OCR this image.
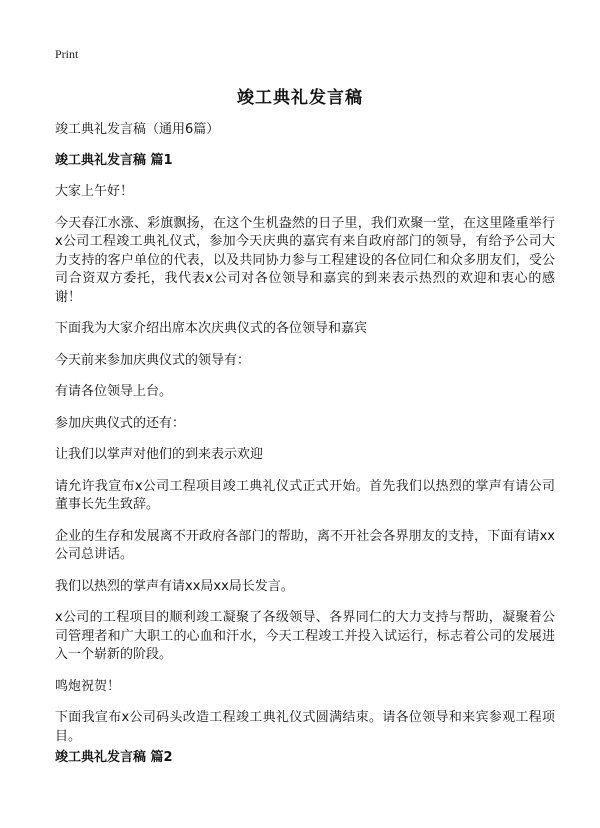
Print
竣工典礼发言稿
竣工典礼发言稿（通用6篇）
竣工典礼发言稿 篇1

大家上午好！

今天春江水涨、彩旗飘扬，在这个生机盎然的日子里，我们欢聚一堂，在这里隆重举行x公司工程竣工典礼仪式，参加今天庆典的嘉宾有来自政府部门的领导，有给予公司大力支持的客户单位的代表，以及共同协力参与工程建设的各位同仁和众多朋友们，受公司合资双方委托，我代表x公司对各位领导和嘉宾的到来表示热烈的欢迎和衷心的感谢！

下面我为大家介绍出席本次庆典仪式的各位领导和嘉宾

今天前来参加庆典仪式的领导有：

有请各位领导上台。

参加庆典仪式的还有：

让我们以掌声对他们的到来表示欢迎

请允许我宣布x公司工程项目竣工典礼仪式正式开始。首先我们以热烈的掌声有请公司董事长先生致辞。

企业的生存和发展离不开政府各部门的帮助，离不开社会各界朋友的支持，下面有请xx公司总讲话。

我们以热烈的掌声有请xx局xx局长发言。

x公司的工程项目的顺利竣工凝聚了各级领导、各界同仁的大力支持与帮助，凝聚着公司管理者和广大职工的心血和汗水，今天工程竣工并投入试运行，标志着公司的发展进入一个崭新的阶段。

鸣炮祝贺！

下面我宣布x公司码头改造工程竣工典礼仪式圆满结束。请各位领导和来宾参观工程项目。

竣工典礼发言稿 篇2
